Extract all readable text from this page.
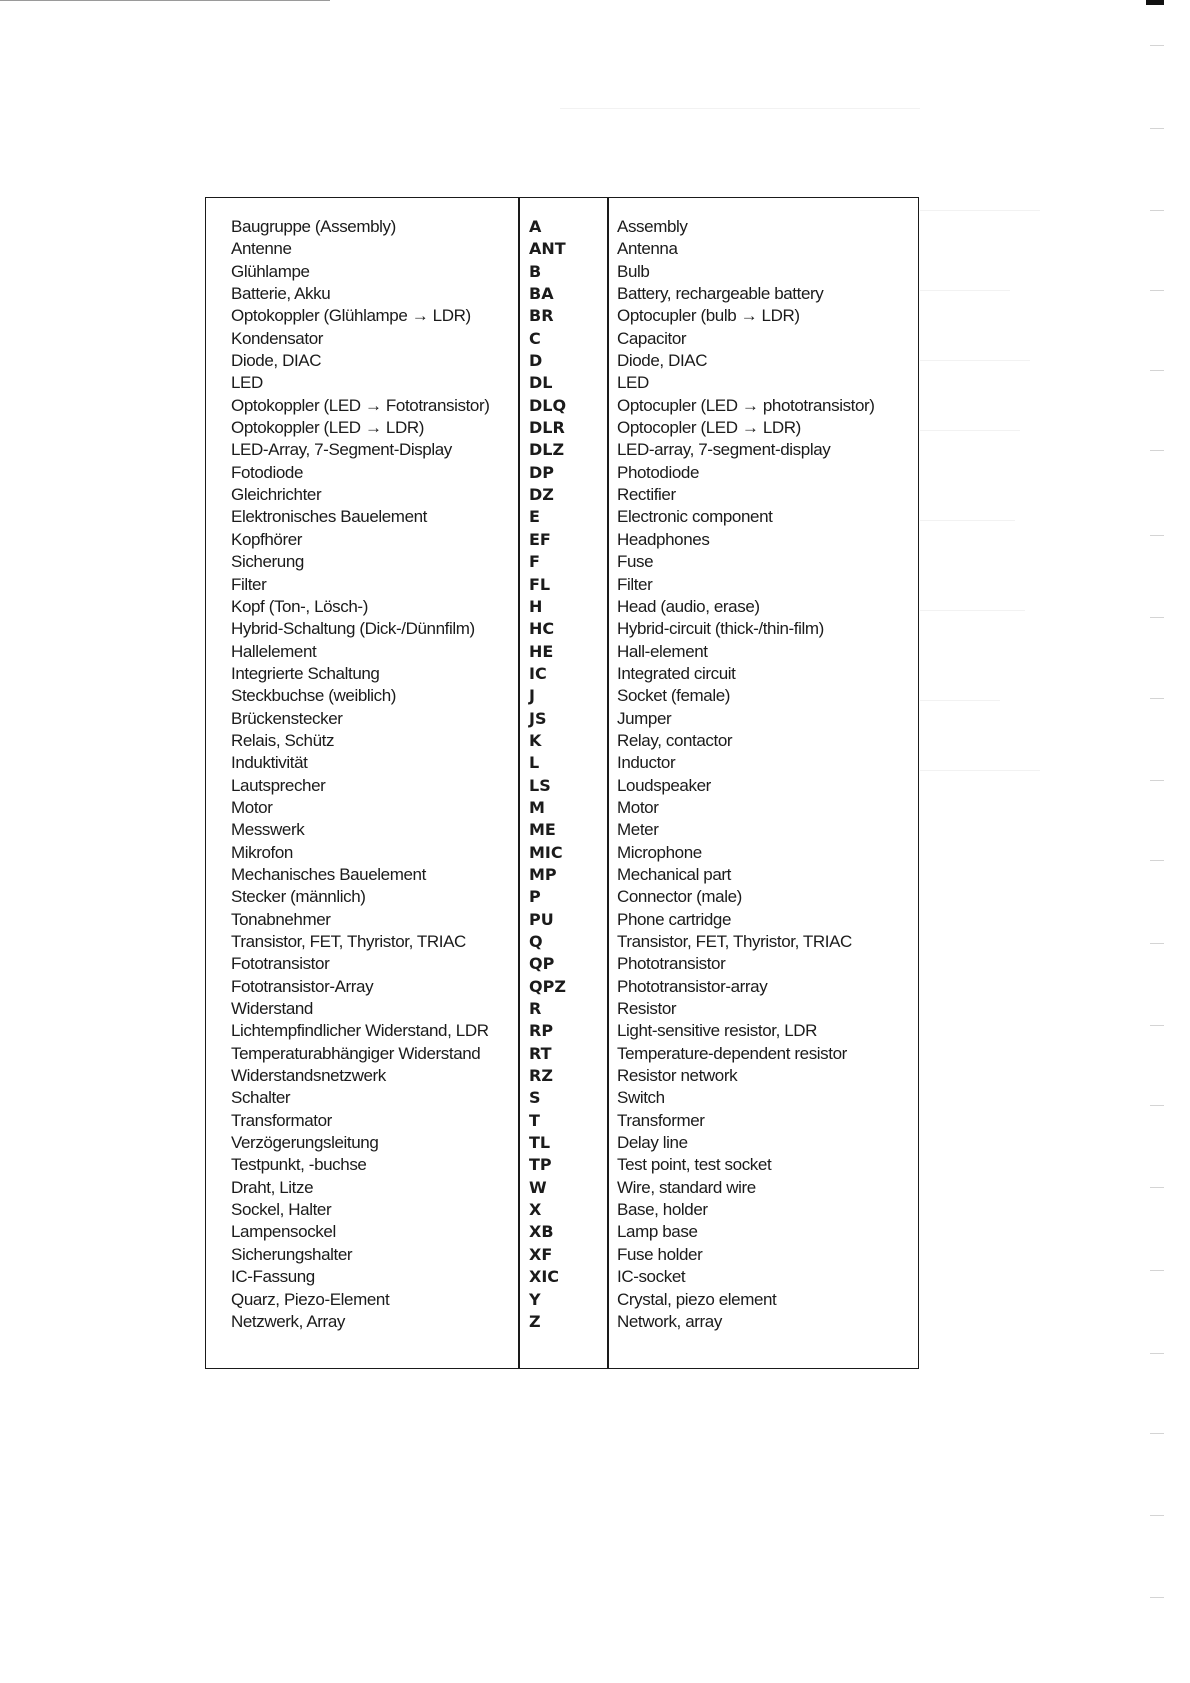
Baugruppe (Assembly)
Antenne
Glühlampe
Batterie, Akku
Optokoppler (Glühlampe → LDR)
Kondensator
Diode, DIAC
LED
Optokoppler (LED → Fototransistor)
Optokoppler (LED → LDR)
LED-Array, 7-Segment-Display
Fotodiode
Gleichrichter
Elektronisches Bauelement
Kopfhörer
Sicherung
Filter
Kopf (Ton-, Lösch-)
Hybrid-Schaltung (Dick-/Dünnfilm)
Hallelement
Integrierte Schaltung
Steckbuchse (weiblich)
Brückenstecker
Relais, Schütz
Induktivität
Lautsprecher
Motor
Messwerk
Mikrofon
Mechanisches Bauelement
Stecker (männlich)
Tonabnehmer
Transistor, FET, Thyristor, TRIAC
Fototransistor
Fototransistor-Array
Widerstand
Lichtempfindlicher Widerstand, LDR
Temperaturabhängiger Widerstand
Widerstandsnetzwerk
Schalter
Transformator
Verzögerungsleitung
Testpunkt, -buchse
Draht, Litze
Sockel, Halter
Lampensockel
Sicherungshalter
IC-Fassung
Quarz, Piezo-Element
Netzwerk, Array
A
ANT
B
BA
BR
C
D
DL
DLQ
DLR
DLZ
DP
DZ
E
EF
F
FL
H
HC
HE
IC
J
JS
K
L
LS
M
ME
MIC
MP
P
PU
Q
QP
QPZ
R
RP
RT
RZ
S
T
TL
TP
W
X
XB
XF
XIC
Y
Z
Assembly
Antenna
Bulb
Battery, rechargeable battery
Optocupler (bulb → LDR)
Capacitor
Diode, DIAC
LED
Optocupler (LED → phototransistor)
Optocopler (LED → LDR)
LED-array, 7-segment-display
Photodiode
Rectifier
Electronic component
Headphones
Fuse
Filter
Head (audio, erase)
Hybrid-circuit (thick-/thin-film)
Hall-element
Integrated circuit
Socket (female)
Jumper
Relay, contactor
Inductor
Loudspeaker
Motor
Meter
Microphone
Mechanical part
Connector (male)
Phone cartridge
Transistor, FET, Thyristor, TRIAC
Phototransistor
Phototransistor-array
Resistor
Light-sensitive resistor, LDR
Temperature-dependent resistor
Resistor network
Switch
Transformer
Delay line
Test point, test socket
Wire, standard wire
Base, holder
Lamp base
Fuse holder
IC-socket
Crystal, piezo element
Network, array
